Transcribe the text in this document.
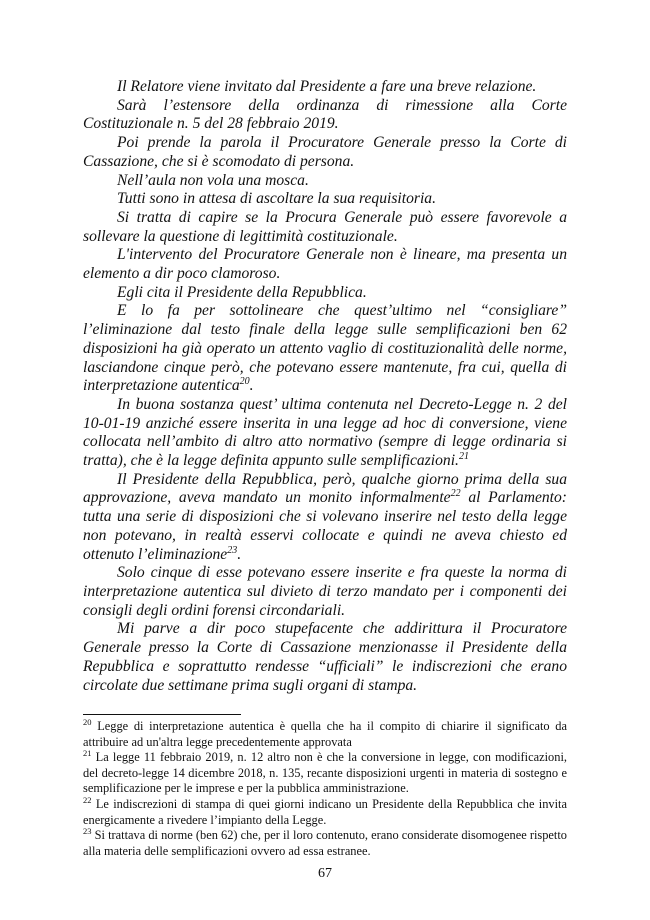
Il Relatore viene invitato dal Presidente a fare una breve relazione.

Sarà l’estensore della ordinanza di rimessione alla Corte Costituzionale n. 5 del 28 febbraio 2019.

Poi prende la parola il Procuratore Generale presso la Corte di Cassazione, che si è scomodato di persona.

Nell’aula non vola una mosca.

Tutti sono in attesa di ascoltare la sua requisitoria.

Si tratta di capire se la Procura Generale può essere favorevole a sollevare la questione di legittimità costituzionale.

L'intervento del Procuratore Generale non è lineare, ma presenta un elemento a dir poco clamoroso.

Egli cita il Presidente della Repubblica.

E lo fa per sottolineare che quest’ultimo nel “consigliare” l’eliminazione dal testo finale della legge sulle semplificazioni ben 62 disposizioni ha già operato un attento vaglio di costituzionalità delle norme, lasciandone cinque però, che potevano essere mantenute, fra cui, quella di interpretazione autentica$^{20}$.

In buona sostanza quest’ ultima contenuta nel Decreto-Legge n. 2 del 10-01-19 anziché essere inserita in una legge ad hoc di conversione, viene collocata nell’ambito di altro atto normativo (sempre di legge ordinaria si tratta), che è la legge definita appunto sulle semplificazioni.$^{21}$

Il Presidente della Repubblica, però, qualche giorno prima della sua approvazione, aveva mandato un monito informalmente$^{22}$ al Parlamento: tutta una serie di disposizioni che si volevano inserire nel testo della legge non potevano, in realtà esservi collocate e quindi ne aveva chiesto ed ottenuto l’eliminazione$^{23}$.

Solo cinque di esse potevano essere inserite e fra queste la norma di interpretazione autentica sul divieto di terzo mandato per i componenti dei consigli degli ordini forensi circondariali.

Mi parve a dir poco stupefacente che addirittura il Procuratore Generale presso la Corte di Cassazione menzionasse il Presidente della Repubblica e soprattutto rendesse “ufficiali” le indiscrezioni che erano circolate due settimane prima sugli organi di stampa.

$^{20}$ Legge di interpretazione autentica è quella che ha il compito di chiarire il significato da attribuire ad un'altra legge precedentemente approvata

$^{21}$ La legge 11 febbraio 2019, n. 12 altro non è che la conversione in legge, con modificazioni, del decreto-legge 14 dicembre 2018, n. 135, recante disposizioni urgenti in materia di sostegno e semplificazione per le imprese e per la pubblica amministrazione.

$^{22}$ Le indiscrezioni di stampa di quei giorni indicano un Presidente della Repubblica che invita energicamente a rivedere l’impianto della Legge.

$^{23}$ Si trattava di norme (ben 62) che, per il loro contenuto, erano considerate disomogenee rispetto alla materia delle semplificazioni ovvero ad essa estranee.

67
